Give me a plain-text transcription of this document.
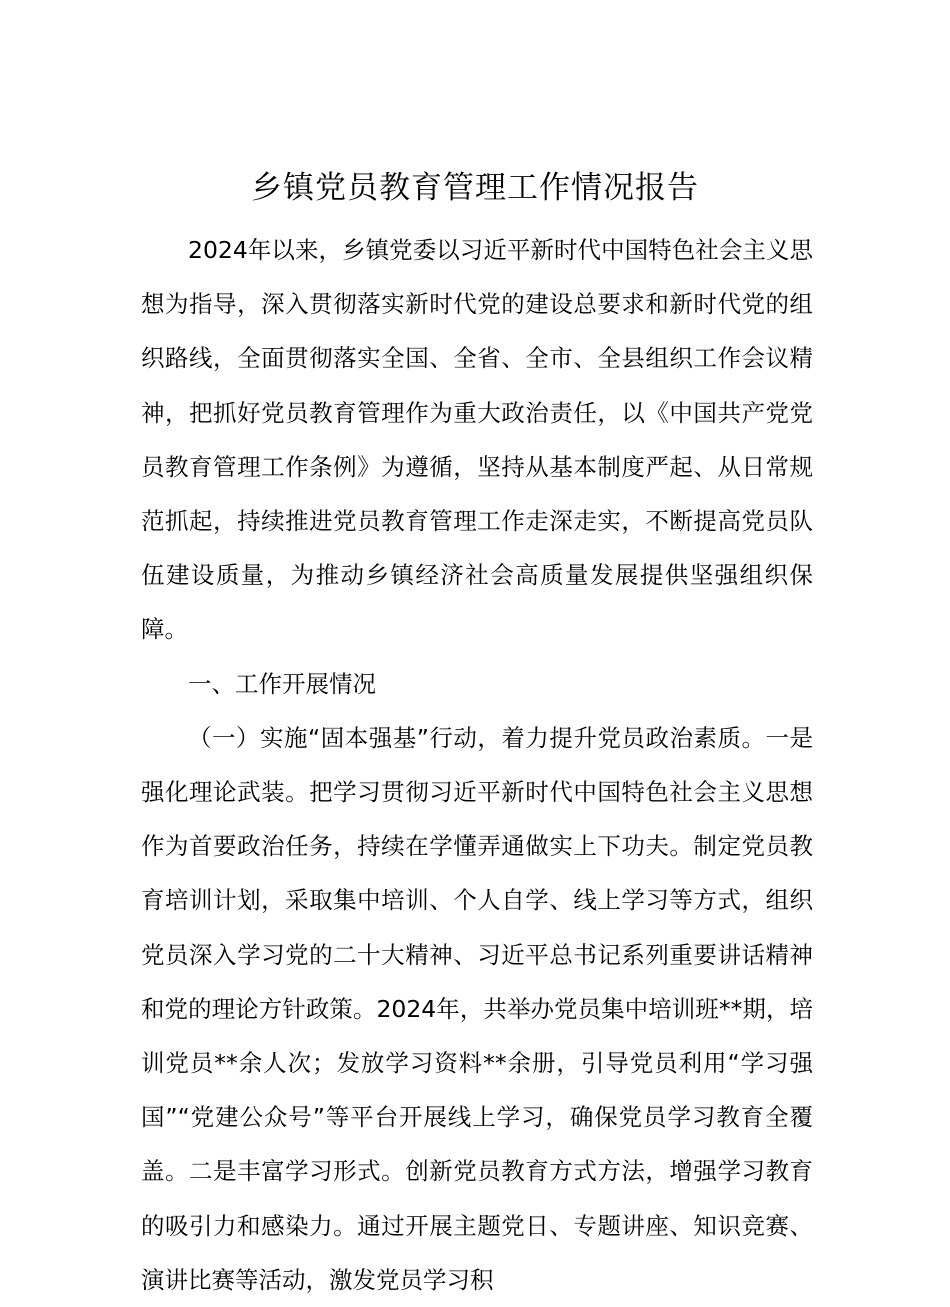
乡镇党员教育管理工作情况报告

2024年以来，乡镇党委以习近平新时代中国特色社会主义思想为指导，深入贯彻落实新时代党的建设总要求和新时代党的组织路线，全面贯彻落实全国、全省、全市、全县组织工作会议精神，把抓好党员教育管理作为重大政治责任，以《中国共产党党员教育管理工作条例》为遵循，坚持从基本制度严起、从日常规范抓起，持续推进党员教育管理工作走深走实，不断提高党员队伍建设质量，为推动乡镇经济社会高质量发展提供坚强组织保障。

一、工作开展情况

（一）实施“固本强基”行动，着力提升党员政治素质。一是强化理论武装。把学习贯彻习近平新时代中国特色社会主义思想作为首要政治任务，持续在学懂弄通做实上下功夫。制定党员教育培训计划，采取集中培训、个人自学、线上学习等方式，组织党员深入学习党的二十大精神、习近平总书记系列重要讲话精神和党的理论方针政策。2024年，共举办党员集中培训班**期，培训党员**余人次；发放学习资料**余册，引导党员利用“学习强国”“党建公众号”等平台开展线上学习，确保党员学习教育全覆盖。二是丰富学习形式。创新党员教育方式方法，增强学习教育的吸引力和感染力。通过开展主题党日、专题讲座、知识竞赛、演讲比赛等活动，激发党员学习积
